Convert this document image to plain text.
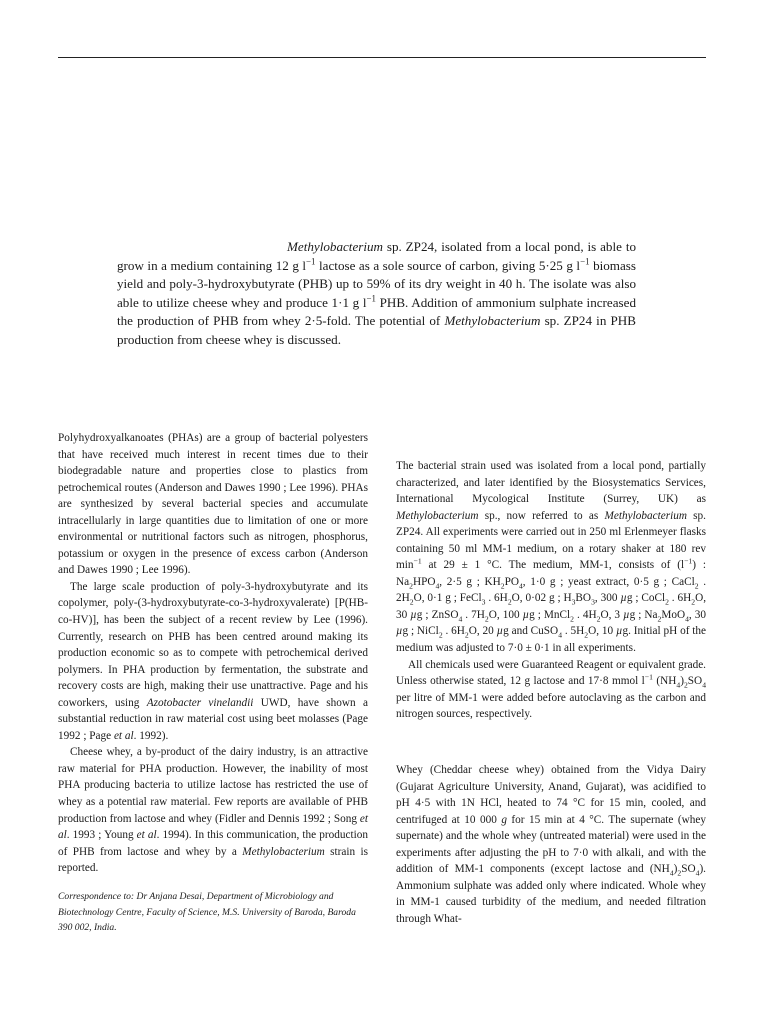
Methylobacterium sp. ZP24, isolated from a local pond, is able to grow in a medium containing 12 g $l^{-1}$ lactose as a sole source of carbon, giving 5·25 g $l^{-1}$ biomass yield and poly-3-hydroxybutyrate (PHB) up to 59% of its dry weight in 40 h. The isolate was also able to utilize cheese whey and produce 1·1 g $l^{-1}$ PHB. Addition of ammonium sulphate increased the production of PHB from whey 2·5-fold. The potential of Methylobacterium sp. ZP24 in PHB production from cheese whey is discussed.

Polyhydroxyalkanoates (PHAs) are a group of bacterial polyesters that have received much interest in recent times due to their biodegradable nature and properties close to plastics from petrochemical routes (Anderson and Dawes 1990 ; Lee 1996). PHAs are synthesized by several bacterial species and accumulate intracellularly in large quantities due to limitation of one or more environmental or nutritional factors such as nitrogen, phosphorus, potassium or oxygen in the presence of excess carbon (Anderson and Dawes 1990 ; Lee 1996).

The large scale production of poly-3-hydroxybutyrate and its copolymer, poly-(3-hydroxybutyrate-co-3-hydroxyvalerate) [P(HB-co-HV)], has been the subject of a recent review by Lee (1996). Currently, research on PHB has been centred around making its production economic so as to compete with petrochemical derived polymers. In PHA production by fermentation, the substrate and recovery costs are high, making their use unattractive. Page and his coworkers, using Azotobacter vinelandii UWD, have shown a substantial reduction in raw material cost using beet molasses (Page 1992 ; Page et al. 1992).

Cheese whey, a by-product of the dairy industry, is an attractive raw material for PHA production. However, the inability of most PHA producing bacteria to utilize lactose has restricted the use of whey as a potential raw material. Few reports are available of PHB production from lactose and whey (Fidler and Dennis 1992 ; Song et al. 1993 ; Young et al. 1994). In this communication, the production of PHB from lactose and whey by a Methylobacterium strain is reported.

Correspondence to: Dr Anjana Desai, Department of Microbiology and Biotechnology Centre, Faculty of Science, M.S. University of Baroda, Baroda 390 002, India.

The bacterial strain used was isolated from a local pond, partially characterized, and later identified by the Biosystematics Services, International Mycological Institute (Surrey, UK) as Methylobacterium sp., now referred to as Methylobacterium sp. ZP24. All experiments were carried out in 250 ml Erlenmeyer flasks containing 50 ml MM-1 medium, on a rotary shaker at 180 rev $\min^{-1}$ at 29 ± 1 °C. The medium, MM-1, consists of $(l^{-1})$ : $Na_2HPO_4$, 2·5 g ; $KH_2PO_4$, 1·0 g ; yeast extract, 0·5 g ; CaCl$_2$ . $2H_2O$, 0·1 g ; FeCl$_3$ . $6H_2O$, 0·02 g ; $H_3BO_3$, 300 µg ; CoCl$_2$ . $6H_2O$, 30 µg ; ZnSO$_4$ . $7H_2O$, 100 µg ; MnCl$_2$ . $4H_2O$, 3 µg ; $Na_2MoO_4$, 30 µg ; NiCl$_2$ . $6H_2O$, 20 µg and CuSO$_4$ . $5H_2O$, 10 µg. Initial pH of the medium was adjusted to 7·0 ± 0·1 in all experiments.

All chemicals used were Guaranteed Reagent or equivalent grade. Unless otherwise stated, 12 g lactose and 17·8 mmol $l^{-1}$ $(NH_4)_2SO_4$ per litre of MM-1 were added before autoclaving as the carbon and nitrogen sources, respectively.

Whey (Cheddar cheese whey) obtained from the Vidya Dairy (Gujarat Agriculture University, Anand, Gujarat), was acidified to pH 4·5 with 1N HCl, heated to 74 °C for 15 min, cooled, and centrifuged at 10 000 g for 15 min at 4 °C. The supernate (whey supernate) and the whole whey (untreated material) were used in the experiments after adjusting the pH to 7·0 with alkali, and with the addition of MM-1 components (except lactose and $(NH_4)_2SO_4$). Ammonium sulphate was added only where indicated. Whole whey in MM-1 caused turbidity of the medium, and needed filtration through What-
